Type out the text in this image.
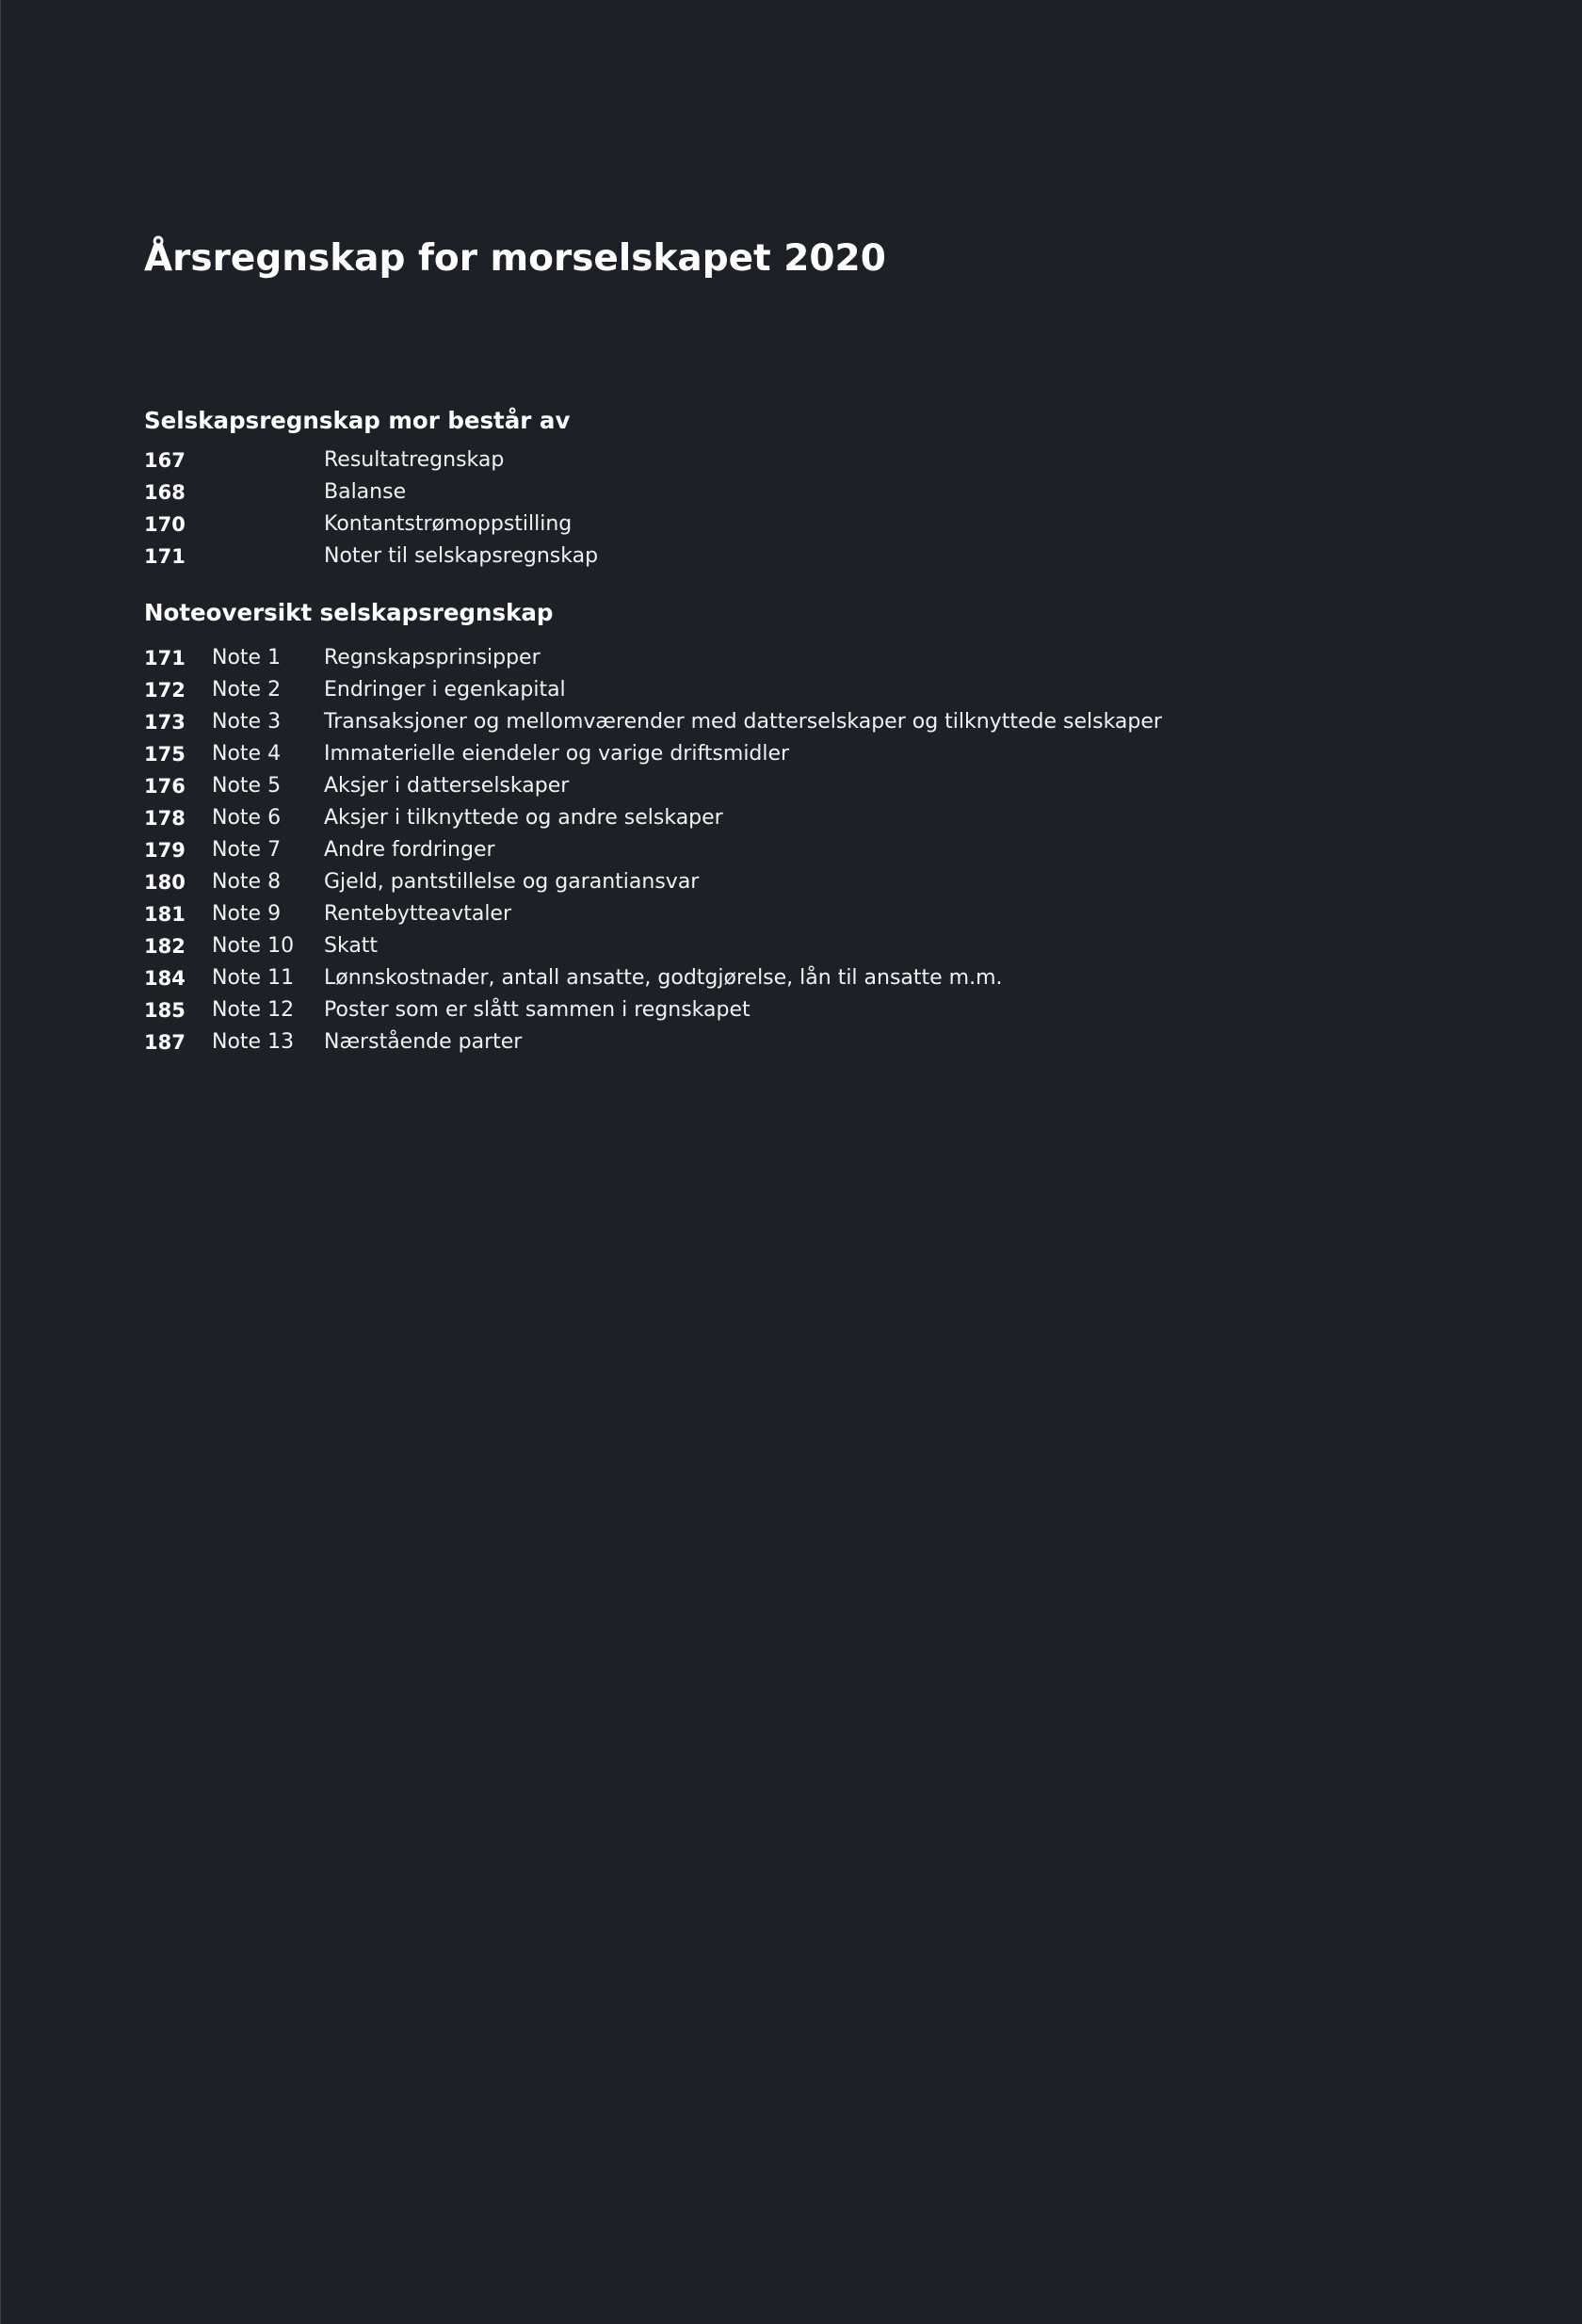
Årsregnskap for morselskapet 2020
Selskapsregnskap mor består av
167	Resultatregnskap
168	Balanse
170	Kontantstrømoppstilling
171	Noter til selskapsregnskap
Noteoversikt selskapsregnskap
171	Note 1	Regnskapsprinsipper
172	Note 2	Endringer i egenkapital
173	Note 3	Transaksjoner og mellomværender med datterselskaper og tilknyttede selskaper
175	Note 4	Immaterielle eiendeler og varige driftsmidler
176	Note 5	Aksjer i datterselskaper
178	Note 6	Aksjer i tilknyttede og andre selskaper
179	Note 7	Andre fordringer
180	Note 8	Gjeld, pantstillelse og garantiansvar
181	Note 9	Rentebytteavtaler
182	Note 10	Skatt
184	Note 11	Lønnskostnader, antall ansatte, godtgjørelse, lån til ansatte m.m.
185	Note 12	Poster som er slått sammen i regnskapet
187	Note 13	Nærstående parter
